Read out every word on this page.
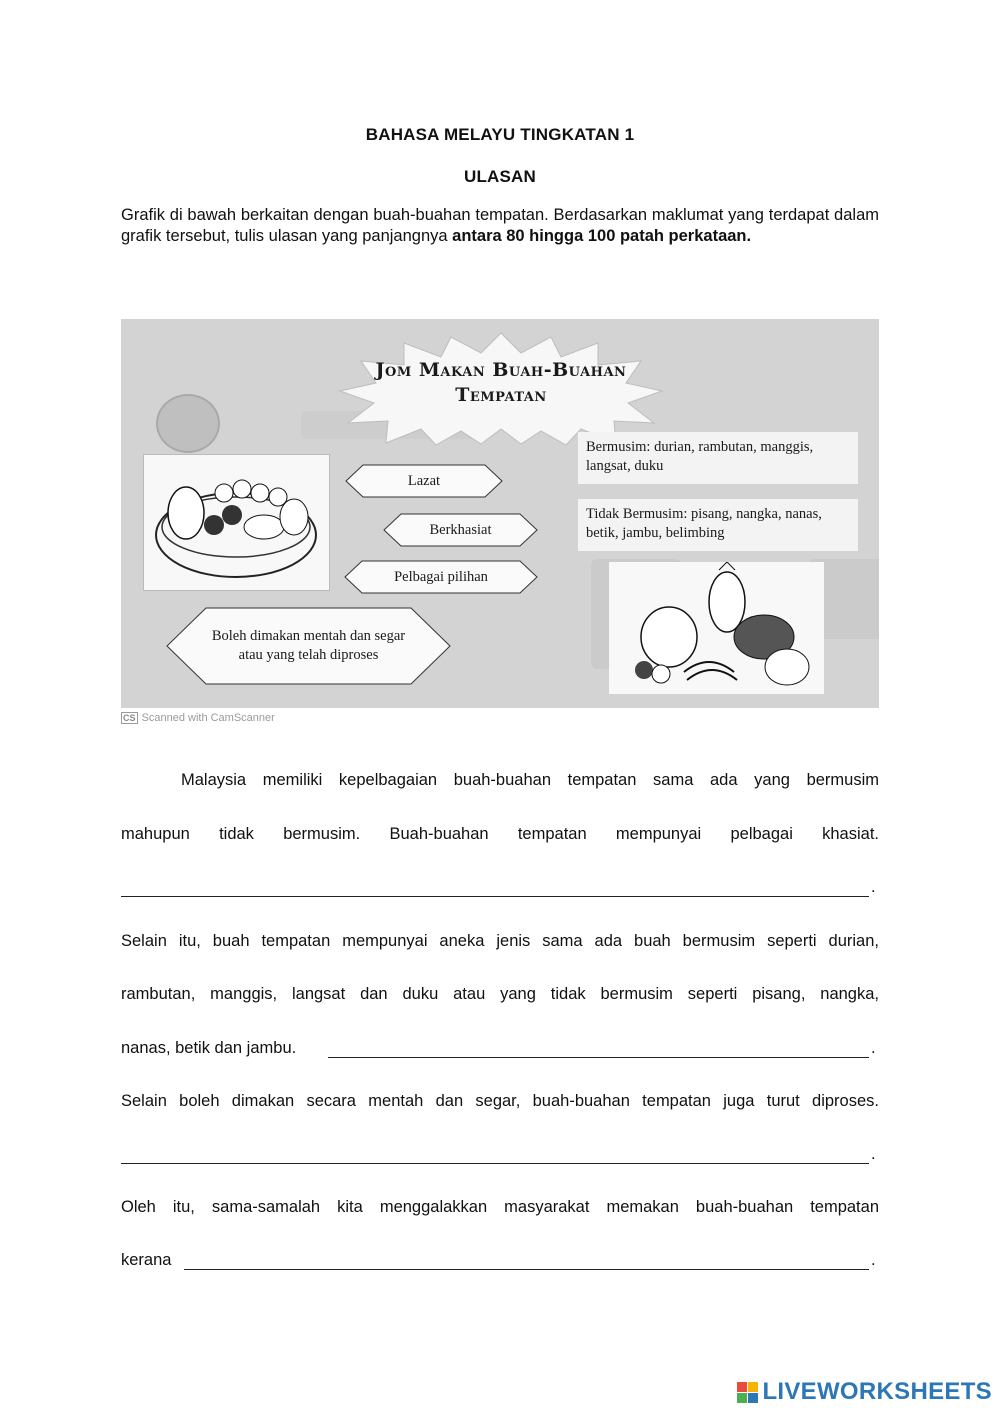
BAHASA MELAYU TINGKATAN 1
ULASAN
Grafik di bawah berkaitan dengan buah-buahan tempatan. Berdasarkan maklumat yang terdapat dalam grafik tersebut, tulis ulasan yang panjangnya antara 80 hingga 100 patah perkataan.
Jom Makan Buah-Buahan
Tempatan
Lazat
Berkhasiat
Pelbagai pilihan
Boleh dimakan mentah dan segar
atau yang telah diproses
Bermusim: durian, rambutan, manggis, langsat, duku
Tidak Bermusim: pisang, nangka, nanas, betik, jambu, belimbing
CS Scanned with CamScanner
Malaysia memiliki kepelbagaian buah-buahan tempatan sama ada yang bermusim
mahupun tidak bermusim. Buah-buahan tempatan mempunyai pelbagai khasiat.
.
Selain itu, buah tempatan mempunyai aneka jenis sama ada buah bermusim seperti durian,
rambutan, manggis, langsat dan duku atau yang tidak bermusim seperti pisang, nangka,
nanas, betik dan jambu.	.
Selain boleh dimakan secara mentah dan segar, buah-buahan tempatan juga turut diproses.
.
Oleh itu, sama-samalah kita menggalakkan masyarakat memakan buah-buahan tempatan
kerana	.
LIVEWORKSHEETS
